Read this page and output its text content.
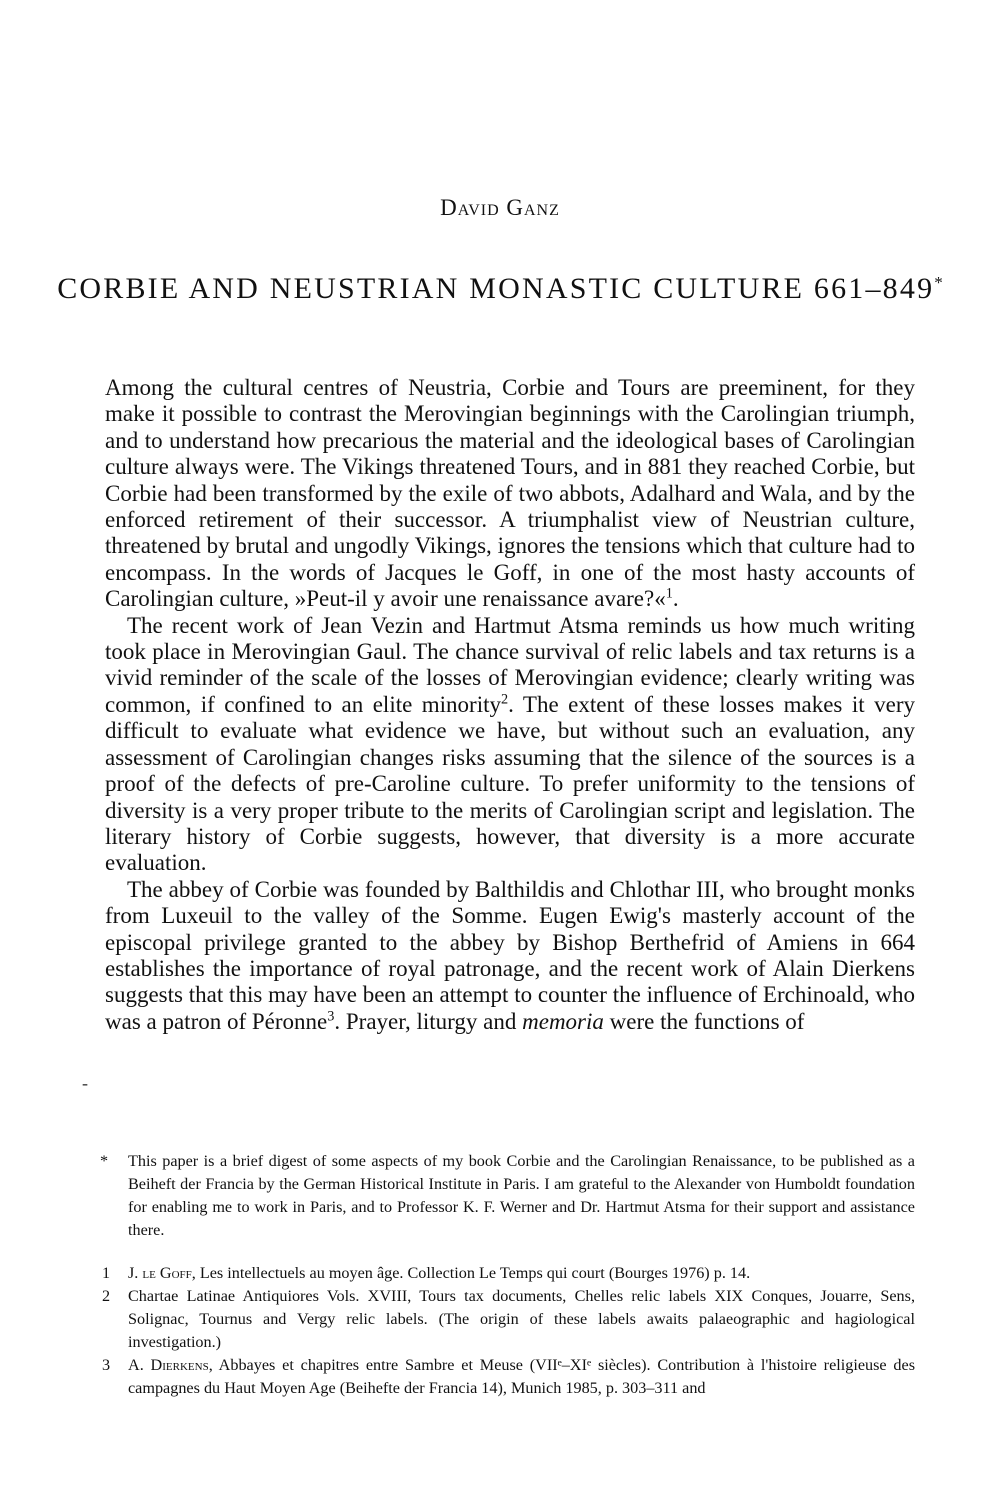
David Ganz
CORBIE AND NEUSTRIAN MONASTIC CULTURE 661–849*

Among the cultural centres of Neustria, Corbie and Tours are preeminent, for they make it possible to contrast the Merovingian beginnings with the Carolingian triumph, and to understand how precarious the material and the ideological bases of Carolingian culture always were. The Vikings threatened Tours, and in 881 they reached Corbie, but Corbie had been transformed by the exile of two abbots, Adalhard and Wala, and by the enforced retirement of their successor. A triumphalist view of Neustrian culture, threatened by brutal and ungodly Vikings, ignores the tensions which that culture had to encompass. In the words of Jacques le Goff, in one of the most hasty accounts of Carolingian culture, »Peut-il y avoir une renaissance avare?«$^1$.

The recent work of Jean Vezin and Hartmut Atsma reminds us how much writing took place in Merovingian Gaul. The chance survival of relic labels and tax returns is a vivid reminder of the scale of the losses of Merovingian evidence; clearly writing was common, if confined to an elite minority$^2$. The extent of these losses makes it very difficult to evaluate what evidence we have, but without such an evaluation, any assessment of Carolingian changes risks assuming that the silence of the sources is a proof of the defects of pre-Caroline culture. To prefer uniformity to the tensions of diversity is a very proper tribute to the merits of Carolingian script and legislation. The literary history of Corbie suggests, however, that diversity is a more accurate evaluation.

The abbey of Corbie was founded by Balthildis and Chlothar III, who brought monks from Luxeuil to the valley of the Somme. Eugen Ewig's masterly account of the episcopal privilege granted to the abbey by Bishop Berthefrid of Amiens in 664 establishes the importance of royal patronage, and the recent work of Alain Dierkens suggests that this may have been an attempt to counter the influence of Erchinoald, who was a patron of Péronne$^3$. Prayer, liturgy and memoria were the functions of

-
*	This paper is a brief digest of some aspects of my book Corbie and the Carolingian Renaissance, to be published as a Beiheft der Francia by the German Historical Institute in Paris. I am grateful to the Alexander von Humboldt foundation for enabling me to work in Paris, and to Professor K. F. Werner and Dr. Hartmut Atsma for their support and assistance there.
1 J. le Goff, Les intellectuels au moyen âge. Collection Le Temps qui court (Bourges 1976) p. 14.
2 Chartae Latinae Antiquiores Vols. XVIII, Tours tax documents, Chelles relic labels XIX Conques, Jouarre, Sens, Solignac, Tournus and Vergy relic labels. (The origin of these labels awaits palaeographic and hagiological investigation.)
3 A. Dierkens, Abbayes et chapitres entre Sambre et Meuse (VIIᵉ–XIᵉ siècles). Contribution à l'histoire religieuse des campagnes du Haut Moyen Age (Beihefte der Francia 14), Munich 1985, p. 303–311 and
